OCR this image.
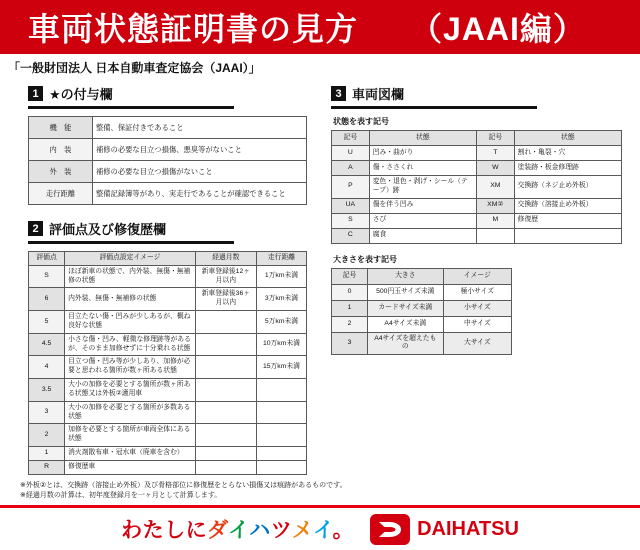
車両状態証明書の見方 （JAAI編）
「一般財団法人 日本自動車査定協会（JAAI）」
1 ★の付与欄
機　能	整備、保証付きであること
内　装	補修の必要な目立つ損傷、悪臭等がないこと
外　装	補修の必要な目立つ損傷がないこと
走行距離	整備記録簿等があり、実走行であることが確認できること
2 評価点及び修復歴欄
評価点	評価点設定イメージ	経過月数	走行距離
S	ほぼ新車の状態で、内外装、無傷・無補修の状態	新車登録後12ヶ月以内	1万km未満
6	内外装、無傷・無補修の状態	新車登録後36ヶ月以内	3万km未満
5	目立たない傷・凹みが少しあるが、概ね良好な状態		5万km未満
4.5	小さな傷・凹み、軽微な修理跡等があるが、そのまま加修せずに十分乗れる状態		10万km未満
4	目立つ傷・凹み等が少しあり、加修が必要と思われる箇所が数ヶ所ある状態		15万km未満
3.5	大小の加修を必要とする箇所が数ヶ所ある状態又は外板②適用車		
3	大小の加修を必要とする箇所が多数ある状態		
2	加修を必要とする箇所が車両全体にある状態		
1	消火剤散布車・冠水車（廃車を含む）		
R	修復歴車		
3 車両図欄
状態を表す記号
記号	状態	記号	状態
U	凹み・曲がり	T	割れ・亀裂・穴
A	傷・ささくれ	W	塗装跡・板金修理跡
P	変色・退色・剥げ・シール（テープ）跡	XM	交換跡（ネジ止め外板）
UA	傷を伴う凹み	XM②	交換跡（溶接止め外板）
S	さび	M	修復歴
C	腐食		
大きさを表す記号
記号	大きさ	イメージ
0	500円玉サイズ未満	極小サイズ
1	カードサイズ未満	小サイズ
2	A4サイズ未満	中サイズ
3	A4サイズを超えたもの	大サイズ
※外板②とは、交換跡（溶接止め外板）及び骨格部位に修復歴をとらない損傷又は痕跡があるものです。
※経過月数の計算は、初年度登録月を一ヶ月として計算します。
わたしにダイハツメイ。	DAIHATSU
